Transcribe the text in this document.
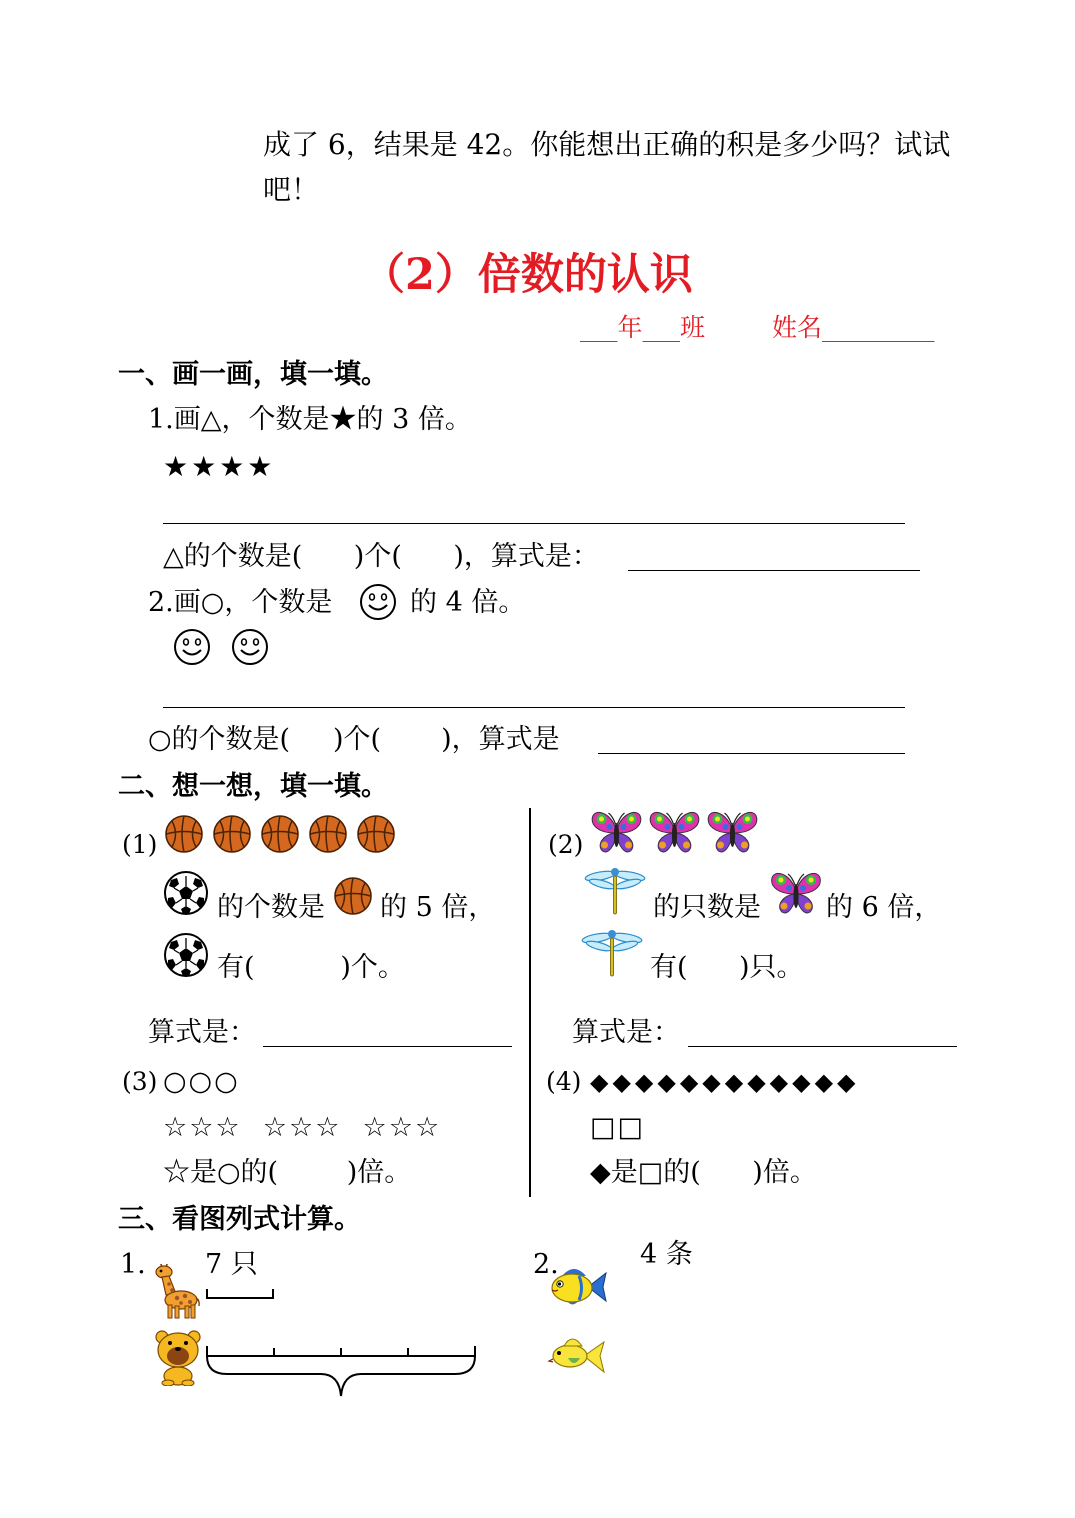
成了 6，结果是 42。你能想出正确的积是多少吗？试试
吧！
（2）倍数的认识
___年___班	姓名_________
一、画一画，填一填。
1.画△，个数是★的 3 倍。
★★★★
△的个数是(      )个(      )，算式是：
2.画○，个数是	的 4 倍。
○的个数是(     )个(       )，算式是
二、想一想，填一填。
(1)
的个数是 的 5 倍，
有(          )个。
算式是：
(2)
的只数是 的 6 倍，
有(      )只。
算式是：
(3) ○○○
☆☆☆  ☆☆☆  ☆☆☆
☆是○的(        )倍。
(4) ◆◆◆◆◆◆◆◆◆◆◆◆
□□
◆是□的(      )倍。
三、看图列式计算。
1. 7 只	2.	4 条
